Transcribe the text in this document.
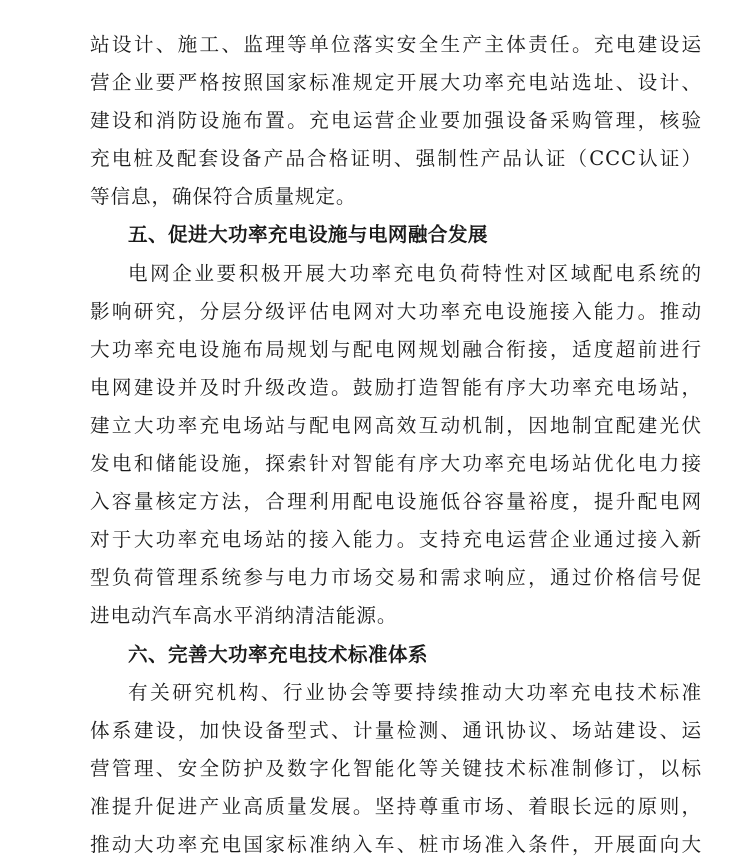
站设计、施工、监理等单位落实安全生产主体责任。充电建设运
营企业要严格按照国家标准规定开展大功率充电站选址、设计、
建设和消防设施布置。充电运营企业要加强设备采购管理，核验
充电桩及配套设备产品合格证明、强制性产品认证（CCC认证）
等信息，确保符合质量规定。
五、促进大功率充电设施与电网融合发展
电网企业要积极开展大功率充电负荷特性对区域配电系统的
影响研究，分层分级评估电网对大功率充电设施接入能力。推动
大功率充电设施布局规划与配电网规划融合衔接，适度超前进行
电网建设并及时升级改造。鼓励打造智能有序大功率充电场站，
建立大功率充电场站与配电网高效互动机制，因地制宜配建光伏
发电和储能设施，探索针对智能有序大功率充电场站优化电力接
入容量核定方法，合理利用配电设施低谷容量裕度，提升配电网
对于大功率充电场站的接入能力。支持充电运营企业通过接入新
型负荷管理系统参与电力市场交易和需求响应，通过价格信号促
进电动汽车高水平消纳清洁能源。
六、完善大功率充电技术标准体系
有关研究机构、行业协会等要持续推动大功率充电技术标准
体系建设，加快设备型式、计量检测、通讯协议、场站建设、运
营管理、安全防护及数字化智能化等关键技术标准制修订，以标
准提升促进产业高质量发展。坚持尊重市场、着眼长远的原则，
推动大功率充电国家标准纳入车、桩市场准入条件，开展面向大
